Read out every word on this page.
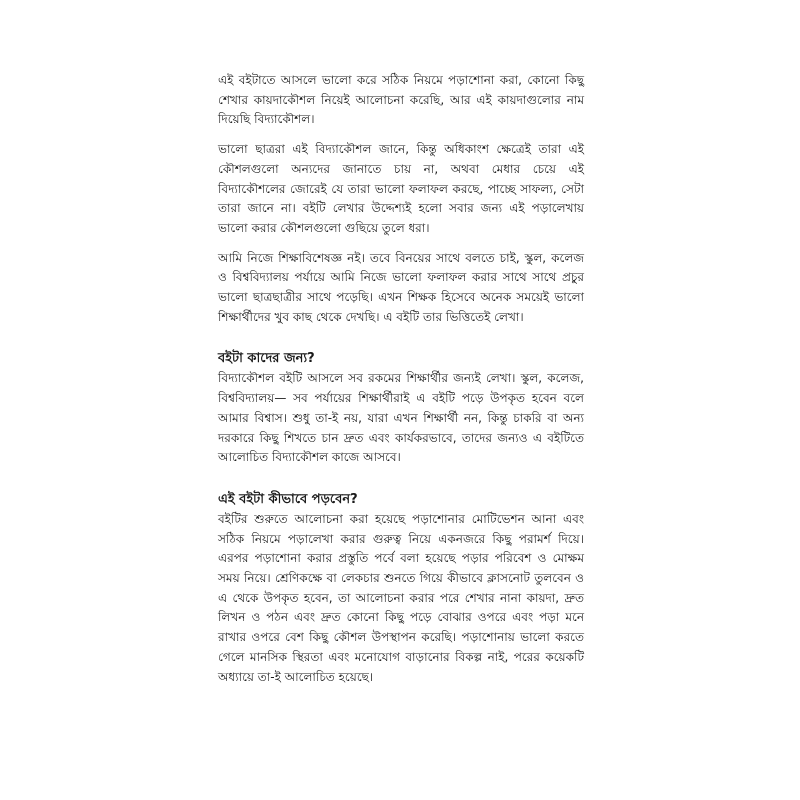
এই বইটাতে আসলে ভালো করে সঠিক নিয়মে পড়াশোনা করা, কোনো কিছু শেখার কায়দাকৌশল নিয়েই আলোচনা করেছি, আর এই কায়দাগুলোর নাম দিয়েছি বিদ্যাকৌশল।

ভালো ছাত্ররা এই বিদ্যাকৌশল জানে, কিন্তু অধিকাংশ ক্ষেত্রেই তারা এই কৌশলগুলো অন্যদের জানাতে চায় না, অথবা মেধার চেয়ে এই বিদ্যাকৌশলের জোরেই যে তারা ভালো ফলাফল করছে, পাচ্ছে সাফল্য, সেটা তারা জানে না। বইটি লেখার উদ্দেশ্যই হলো সবার জন্য এই পড়ালেখায় ভালো করার কৌশলগুলো গুছিয়ে তুলে ধরা।

আমি নিজে শিক্ষাবিশেষজ্ঞ নই। তবে বিনয়ের সাথে বলতে চাই, স্কুল, কলেজ ও বিশ্ববিদ্যালয় পর্যায়ে আমি নিজে ভালো ফলাফল করার সাথে সাথে প্রচুর ভালো ছাত্রছাত্রীর সাথে পড়েছি। এখন শিক্ষক হিসেবে অনেক সময়েই ভালো শিক্ষার্থীদের খুব কাছ থেকে দেখছি। এ বইটি তার ভিত্তিতেই লেখা।

বইটা কাদের জন্য?

বিদ্যাকৌশল বইটি আসলে সব রকমের শিক্ষার্থীর জন্যই লেখা। স্কুল, কলেজ, বিশ্ববিদ্যালয়— সব পর্যায়ের শিক্ষার্থীরাই এ বইটি পড়ে উপকৃত হবেন বলে আমার বিশ্বাস। শুধু তা-ই নয়, যারা এখন শিক্ষার্থী নন, কিন্তু চাকরি বা অন্য দরকারে কিছু শিখতে চান দ্রুত এবং কার্যকরভাবে, তাদের জন্যও এ বইটিতে আলোচিত বিদ্যাকৌশল কাজে আসবে।

এই বইটা কীভাবে পড়বেন?

বইটির শুরুতে আলোচনা করা হয়েছে পড়াশোনার মোটিভেশন আনা এবং সঠিক নিয়মে পড়ালেখা করার গুরুত্ব নিয়ে একনজরে কিছু পরামর্শ দিয়ে। এরপর পড়াশোনা করার প্রস্তুতি পর্বে বলা হয়েছে পড়ার পরিবেশ ও মোক্ষম সময় নিয়ে। শ্রেণিকক্ষে বা লেকচার শুনতে গিয়ে কীভাবে ক্লাসনোট তুলবেন ও এ থেকে উপকৃত হবেন, তা আলোচনা করার পরে শেখার নানা কায়দা, দ্রুত লিখন ও পঠন এবং দ্রুত কোনো কিছু পড়ে বোঝার ওপরে এবং পড়া মনে রাখার ওপরে বেশ কিছু কৌশল উপস্থাপন করেছি। পড়াশোনায় ভালো করতে গেলে মানসিক স্থিরতা এবং মনোযোগ বাড়ানোর বিকল্প নাই, পরের কয়েকটি অধ্যায়ে তা-ই আলোচিত হয়েছে।
